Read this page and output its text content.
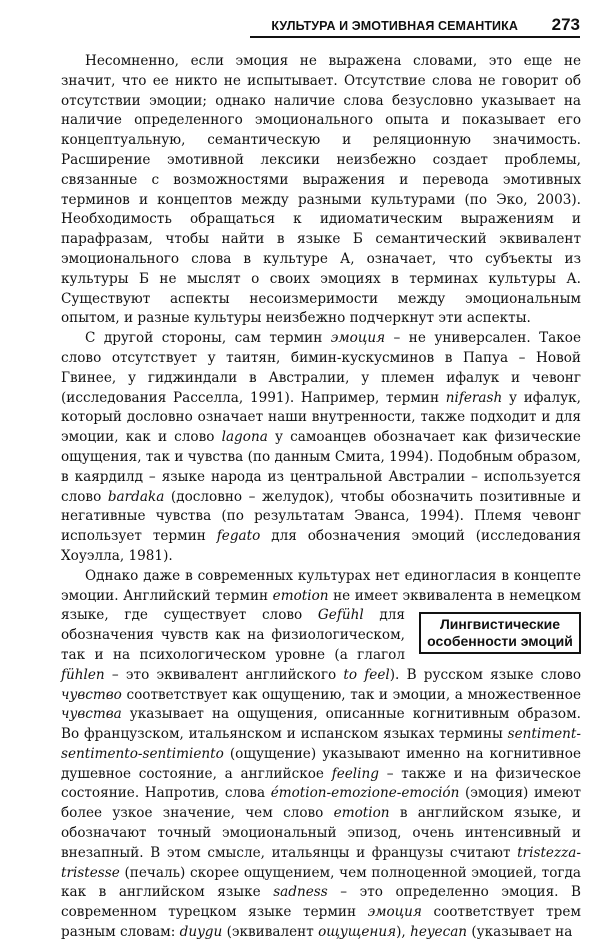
КУЛЬТУРА И ЭМОТИВНАЯ СЕМАНТИКА 273

Несомненно, если эмоция не выражена словами, это еще не значит, что ее никто не испытывает. Отсутствие слова не говорит об отсутствии эмоции; однако наличие слова безусловно указывает на наличие определенного эмоционального опыта и показывает его концептуальную, семантическую и реляционную значимость. Расширение эмотивной лексики неизбежно создает проблемы, связанные с возможностями выражения и перевода эмотивных терминов и концептов между разными культурами (по Эко, 2003). Необходимость обращаться к идиоматическим выражениям и парафразам, чтобы найти в языке Б семантический эквивалент эмоционального слова в культуре А, означает, что субъекты из культуры Б не мыслят о своих эмоциях в терминах культуры А. Существуют аспекты несоизмеримости между эмоциональным опытом, и разные культуры неизбежно подчеркнут эти аспекты.

С другой стороны, сам термин эмоция – не универсален. Такое слово отсутствует у таитян, бимин-кускусминов в Папуа – Новой Гвинее, у гиджиндали в Австралии, у племен ифалук и чевонг (исследования Расселла, 1991). Например, термин niferash у ифалук, который дословно означает наши внутренности, также подходит и для эмоции, как и слово lagona у самоанцев обозначает как физические ощущения, так и чувства (по данным Смита, 1994). Подобным образом, в каярдилд – языке народа из центральной Австралии – используется слово bardaka (дословно – желудок), чтобы обозначить позитивные и негативные чувства (по результатам Эванса, 1994). Племя чевонг использует термин fegato для обозначения эмоций (исследования Хоуэлла, 1981).

Однако даже в современных культурах нет единогласия в концепте эмоции. Английский термин emotion не имеет эквивалента в немецком языке, где существует слово Gefühl
Лингвистические
особенности эмоций
для обозначения чувств как на физиологическом, так и на психологическом уровне (а глагол fühlen – это эквивалент английского to feel). В русском языке слово чувство соответствует как ощущению, так и эмоции, а множественное чувства указывает на ощущения, описанные когнитивным образом. Во французском, итальянском и испанском языках термины sentiment-sentimento-sentimiento (ощущение) указывают именно на когнитивное душевное состояние, а английское feeling – также и на физическое состояние. Напротив, слова émotion-emozione-emoción (эмоция) имеют более узкое значение, чем слово emotion в английском языке, и обозначают точный эмоциональный эпизод, очень интенсивный и внезапный. В этом смысле, итальянцы и французы считают tristezza-tristesse (печаль) скорее ощущением, чем полноценной эмоцией, тогда как в английском языке sadness – это определенно эмоция. В современном турецком языке термин эмоция соответствует трем разным словам: duygu (эквивалент ощущения), heyecan (указывает на
